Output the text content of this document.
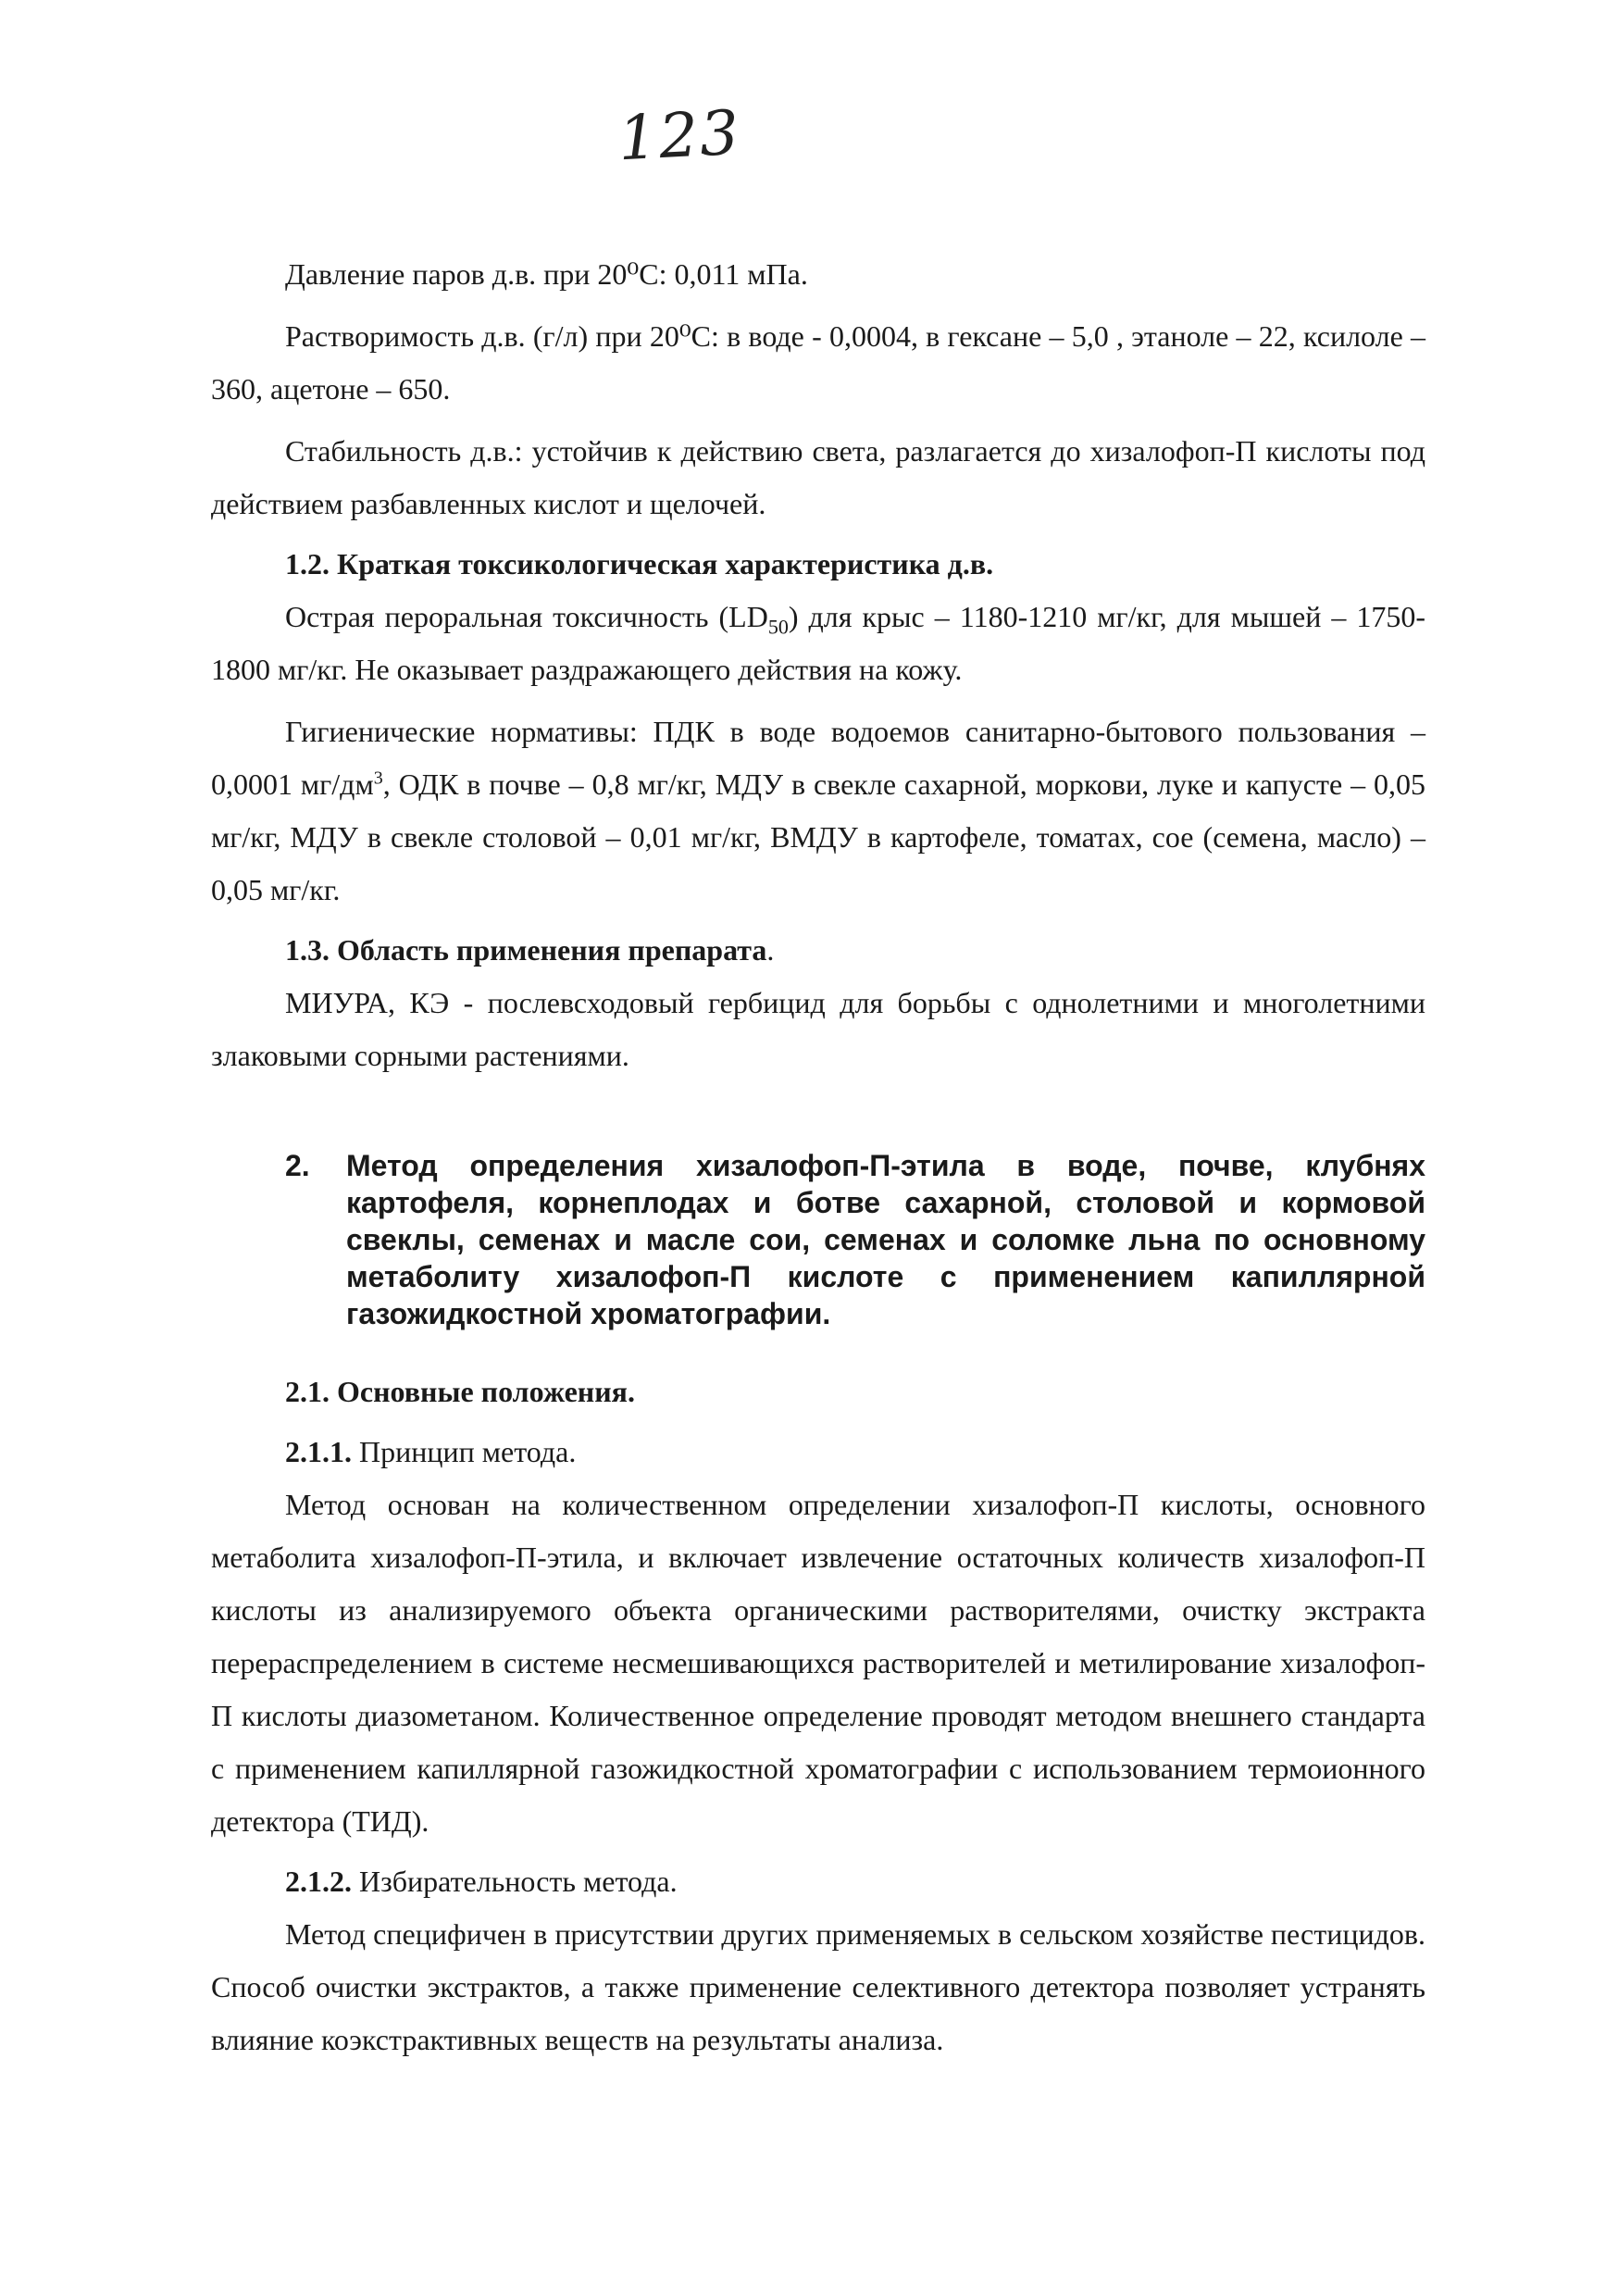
123

Давление паров д.в. при 20⁰С: 0,011 мПа.

Растворимость д.в. (г/л) при 20⁰С: в воде - 0,0004, в гексане – 5,0 , этаноле – 22, ксилоле – 360, ацетоне – 650.

Стабильность д.в.: устойчив к действию света, разлагается до хизалофоп-П кислоты под действием разбавленных кислот и щелочей.

1.2. Краткая токсикологическая характеристика д.в.

Острая пероральная токсичность $(LD_{50})$ для крыс – 1180-1210 мг/кг, для мышей – 1750-1800 мг/кг. Не оказывает раздражающего действия на кожу.

Гигиенические нормативы: ПДК в воде водоемов санитарно-бытового пользования – 0,0001 $мг/дм^3$, ОДК в почве – 0,8 мг/кг, МДУ в свекле сахарной, моркови, луке и капусте – 0,05 мг/кг, МДУ в свекле столовой – 0,01 мг/кг, ВМДУ в картофеле, томатах, сое (семена, масло) – 0,05 мг/кг.

1.3. Область применения препарата.

МИУРА, КЭ - послевсходовый гербицид для борьбы с однолетними и многолетними злаковыми сорными растениями.

2.	Метод определения хизалофоп-П-этила в воде, почве, клубнях картофеля, корнеплодах и ботве сахарной, столовой и кормовой свеклы, семенах и масле сои, семенах и соломке льна по основному метаболиту хизалофоп-П кислоте с применением капиллярной газожидкостной хроматографии.
2.1. Основные положения.
2.1.1. Принцип метода.

Метод основан на количественном определении хизалофоп-П кислоты, основного метаболита хизалофоп-П-этила, и включает извлечение остаточных количеств хизалофоп-П кислоты из анализируемого объекта органическими растворителями, очистку экстракта перераспределением в системе несмешивающихся растворителей и метилирование хизалофоп-П кислоты диазометаном. Количественное определение проводят методом внешнего стандарта с применением капиллярной газожидкостной хроматографии с использованием термоионного детектора (ТИД).

2.1.2. Избирательность метода.

Метод специфичен в присутствии других применяемых в сельском хозяйстве пестицидов. Способ очистки экстрактов, а также применение селективного детектора позволяет устранять влияние коэкстрактивных веществ на результаты анализа.
